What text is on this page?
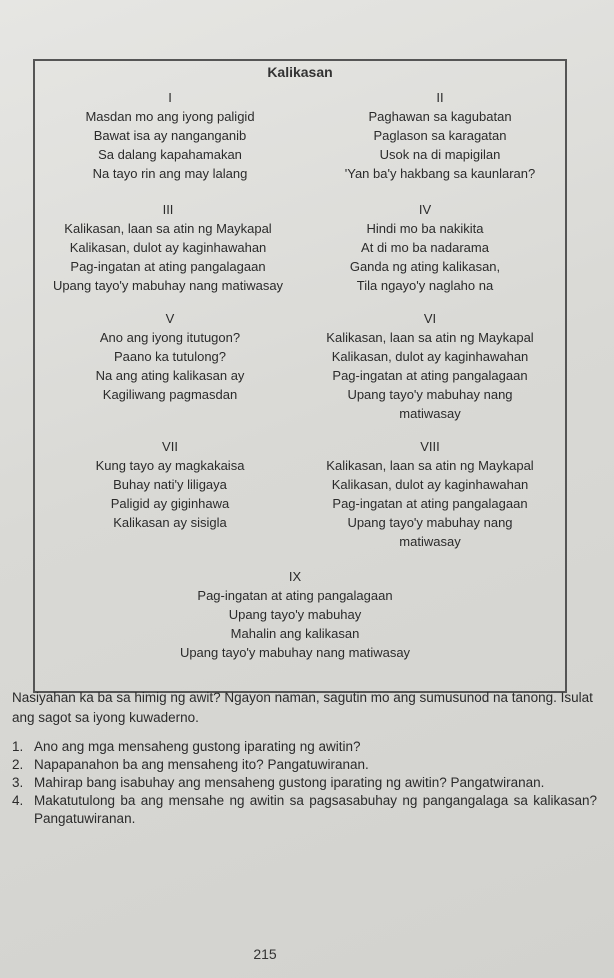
Kalikasan
I
Masdan mo ang iyong paligid
Bawat isa ay nanganganib
Sa dalang kapahamakan
Na tayo rin ang may lalang
II
Paghawan sa kagubatan
Paglason sa karagatan
Usok na di mapigilan
'Yan ba'y hakbang sa kaunlaran?
III
Kalikasan, laan sa atin ng Maykapal
Kalikasan, dulot ay kaginhawahan
Pag-ingatan at ating pangalagaan
Upang tayo'y mabuhay nang matiwasay
IV
Hindi mo ba nakikita
At di mo ba nadarama
Ganda ng ating kalikasan,
Tila ngayo'y naglaho na
V
Ano ang iyong itutugon?
Paano ka tutulong?
Na ang ating kalikasan ay
Kagiliwang pagmasdan
VI
Kalikasan, laan sa atin ng Maykapal
Kalikasan, dulot ay kaginhawahan
Pag-ingatan at ating pangalagaan
Upang tayo'y mabuhay nang
matiwasay
VII
Kung tayo ay magkakaisa
Buhay nati'y liligaya
Paligid ay giginhawa
Kalikasan ay sisigla
VIII
Kalikasan, laan sa atin ng Maykapal
Kalikasan, dulot ay kaginhawahan
Pag-ingatan at ating pangalagaan
Upang tayo'y mabuhay nang
matiwasay
IX
Pag-ingatan at ating pangalagaan
Upang tayo'y mabuhay
Mahalin ang kalikasan
Upang tayo'y mabuhay nang matiwasay
Nasiyahan ka ba sa himig ng awit? Ngayon naman, sagutin mo ang sumusunod na tanong. Isulat ang sagot sa iyong kuwaderno.
1. Ano ang mga mensaheng gustong iparating ng awitin?
2. Napapanahon ba ang mensaheng ito? Pangatuwiranan.
3. Mahirap bang isabuhay ang mensaheng gustong iparating ng awitin? Pangatwiranan.
4. Makatutulong ba ang mensahe ng awitin sa pagsasabuhay ng pangangalaga sa kalikasan? Pangatuwiranan.
215
